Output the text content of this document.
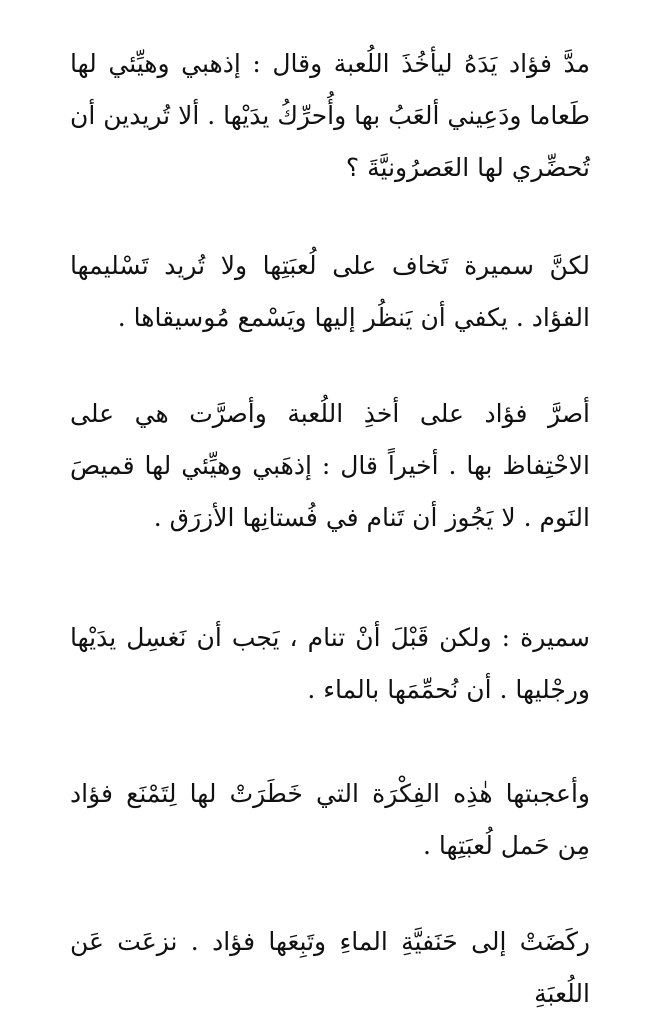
مدَّ فؤاد يَدَهُ ليأخُذَ اللُعبة وقال : إذهبي وهيِّئي لها طَعاما ودَعِيني ألعَبُ بها وأُحرِّكُ يدَيْها . ألا تُريدين أن تُحضِّري لها العَصرُونيَّةَ ؟

لكنَّ سميرة تَخاف على لُعبَتِها ولا تُريد تَسْليمها الفؤاد . يكفي أن يَنظُر إليها ويَسْمع مُوسيقاها .

أصرَّ فؤاد على أخذِ اللُعبة وأصرَّت هي على الاحْتِفاظ بها . أخيراً قال : إذهَبي وهيِّئي لها قميصَ النَوم . لا يَجُوز أن تَنام في فُستانِها الأزرَق .

سميرة : ولكن قَبْلَ أنْ تنام ، يَجب أن نَغسِل يدَيْها ورجْليها . أن نُحمِّمَها بالماء .

وأعجبتها هٰذِه الفِكْرَة التي خَطَرَتْ لها لِتَمْنَع فؤاد مِن حَمل لُعبَتِها .

ركَضَتْ إلى حَنَفيَّةِ الماءِ وتَبِعَها فؤاد . نزعَت عَن اللُعبَةِ
